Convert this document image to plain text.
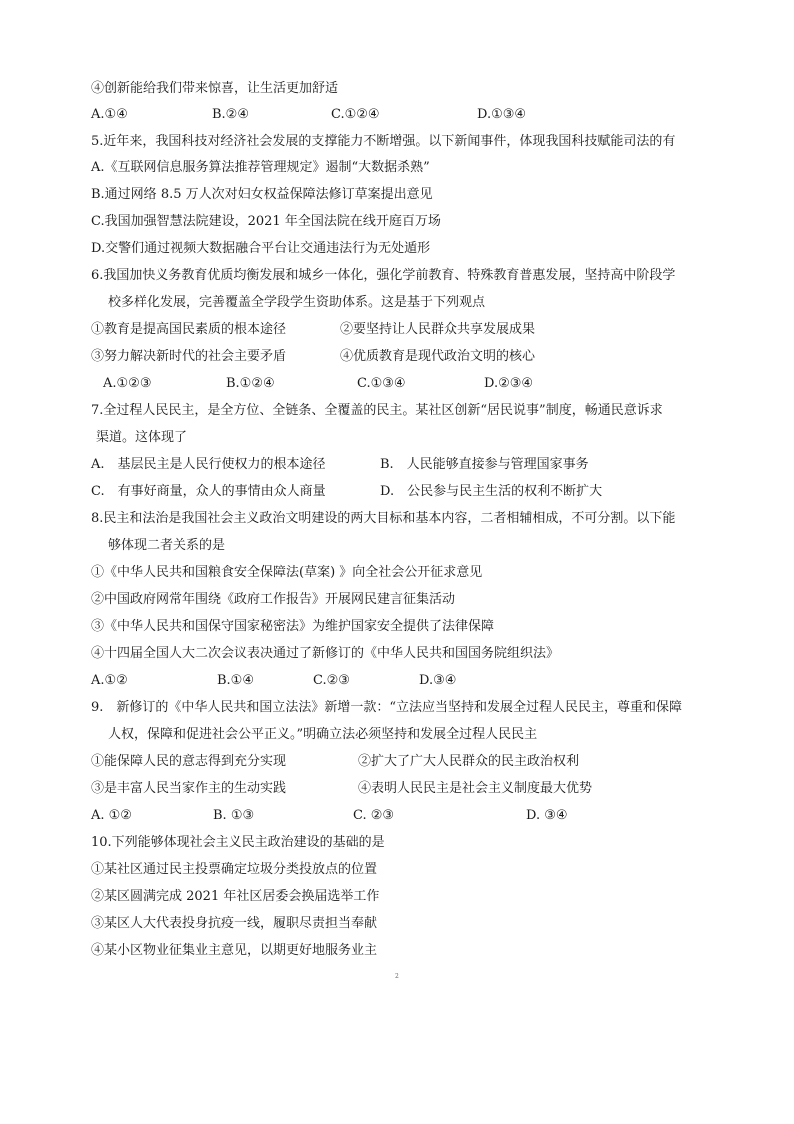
④创新能给我们带来惊喜，让生活更加舒适
A.①④	B.②④	C.①②④	D.①③④
5.近年来，我国科技对经济社会发展的支撑能力不断增强。以下新闻事件，体现我国科技赋能司法的有
A.《互联网信息服务算法推荐管理规定》遏制“大数据杀熟”
B.通过网络 8.5 万人次对妇女权益保障法修订草案提出意见
C.我国加强智慧法院建设，2021 年全国法院在线开庭百万场
D.交警们通过视频大数据融合平台让交通违法行为无处遁形
6.我国加快义务教育优质均衡发展和城乡一体化，强化学前教育、特殊教育普惠发展，坚持高中阶段学
校多样化发展，完善覆盖全学段学生资助体系。这是基于下列观点
①教育是提高国民素质的根本途径	②要坚持让人民群众共享发展成果
③努力解决新时代的社会主要矛盾	④优质教育是现代政治文明的核心
A.①②③	B.①②④	C.①③④	D.②③④
7.全过程人民民主，是全方位、全链条、全覆盖的民主。某社区创新“居民说事”制度，畅通民意诉求
渠道。这体现了
A.　基层民主是人民行使权力的根本途径	B.　人民能够直接参与管理国家事务
C.　有事好商量，众人的事情由众人商量	D.　公民参与民主生活的权利不断扩大
8.民主和法治是我国社会主义政治文明建设的两大目标和基本内容，二者相辅相成，不可分割。以下能
够体现二者关系的是
①《中华人民共和国粮食安全保障法(草案) 》向全社会公开征求意见
②中国政府网常年围绕《政府工作报告》开展网民建言征集活动
③《中华人民共和国保守国家秘密法》为维护国家安全提供了法律保障
④十四届全国人大二次会议表决通过了新修订的《中华人民共和国国务院组织法》
A.①②	B.①④	C.②③	D.③④
9.　新修订的《中华人民共和国立法法》新增一款：“立法应当坚持和发展全过程人民民主，尊重和保障
人权，保障和促进社会公平正义。”明确立法必须坚持和发展全过程人民民主
①能保障人民的意志得到充分实现	②扩大了广大人民群众的民主政治权利
③是丰富人民当家作主的生动实践	④表明人民民主是社会主义制度最大优势
A. ①②	B. ①③	C. ②③	D. ③④
10.下列能够体现社会主义民主政治建设的基础的是
①某社区通过民主投票确定垃圾分类投放点的位置
②某区圆满完成 2021 年社区居委会换届选举工作
③某区人大代表投身抗疫一线，履职尽责担当奉献
④某小区物业征集业主意见，以期更好地服务业主
2
